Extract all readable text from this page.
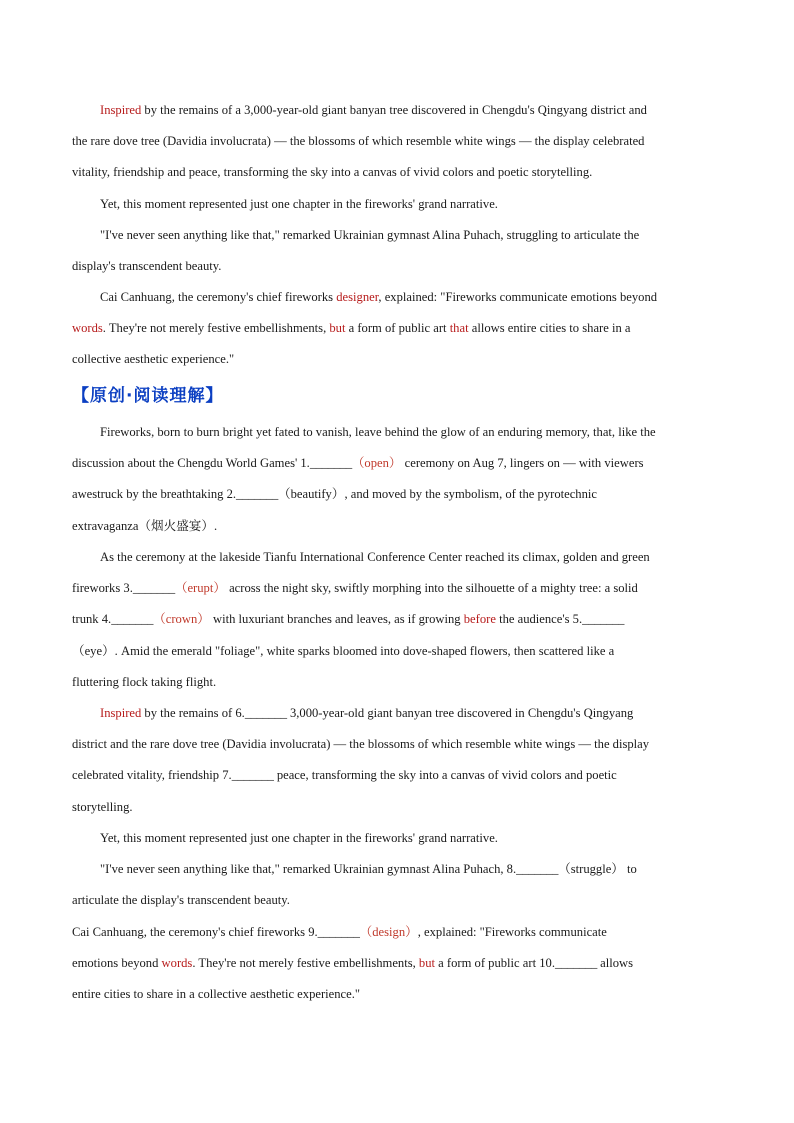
Inspired by the remains of a 3,000-year-old giant banyan tree discovered in Chengdu's Qingyang district and
the rare dove tree (Davidia involucrata) — the blossoms of which resemble white wings — the display celebrated
vitality, friendship and peace, transforming the sky into a canvas of vivid colors and poetic storytelling.

Yet, this moment represented just one chapter in the fireworks' grand narrative.

"I've never seen anything like that," remarked Ukrainian gymnast Alina Puhach, struggling to articulate the
display's transcendent beauty.

Cai Canhuang, the ceremony's chief fireworks designer, explained: "Fireworks communicate emotions beyond
words. They're not merely festive embellishments, but a form of public art that allows entire cities to share in a
collective aesthetic experience."

【原创·阅读理解】

Fireworks, born to burn bright yet fated to vanish, leave behind the glow of an enduring memory, that, like the
discussion about the Chengdu World Games' 1._______（open） ceremony on Aug 7, lingers on — with viewers
awestruck by the breathtaking 2._______（beautify）, and moved by the symbolism, of the pyrotechnic
extravaganza（烟火盛宴）.

As the ceremony at the lakeside Tianfu International Conference Center reached its climax, golden and green
fireworks 3._______（erupt） across the night sky, swiftly morphing into the silhouette of a mighty tree: a solid
trunk 4._______（crown） with luxuriant branches and leaves, as if growing before the audience's 5._______
（eye）. Amid the emerald "foliage", white sparks bloomed into dove-shaped flowers, then scattered like a
fluttering flock taking flight.

Inspired by the remains of 6._______ 3,000-year-old giant banyan tree discovered in Chengdu's Qingyang
district and the rare dove tree (Davidia involucrata) — the blossoms of which resemble white wings — the display
celebrated vitality, friendship 7._______ peace, transforming the sky into a canvas of vivid colors and poetic
storytelling.

Yet, this moment represented just one chapter in the fireworks' grand narrative.

"I've never seen anything like that," remarked Ukrainian gymnast Alina Puhach, 8._______（struggle） to
articulate the display's transcendent beauty.

Cai Canhuang, the ceremony's chief fireworks 9._______（design）, explained: "Fireworks communicate
emotions beyond words. They're not merely festive embellishments, but a form of public art 10._______ allows
entire cities to share in a collective aesthetic experience."
